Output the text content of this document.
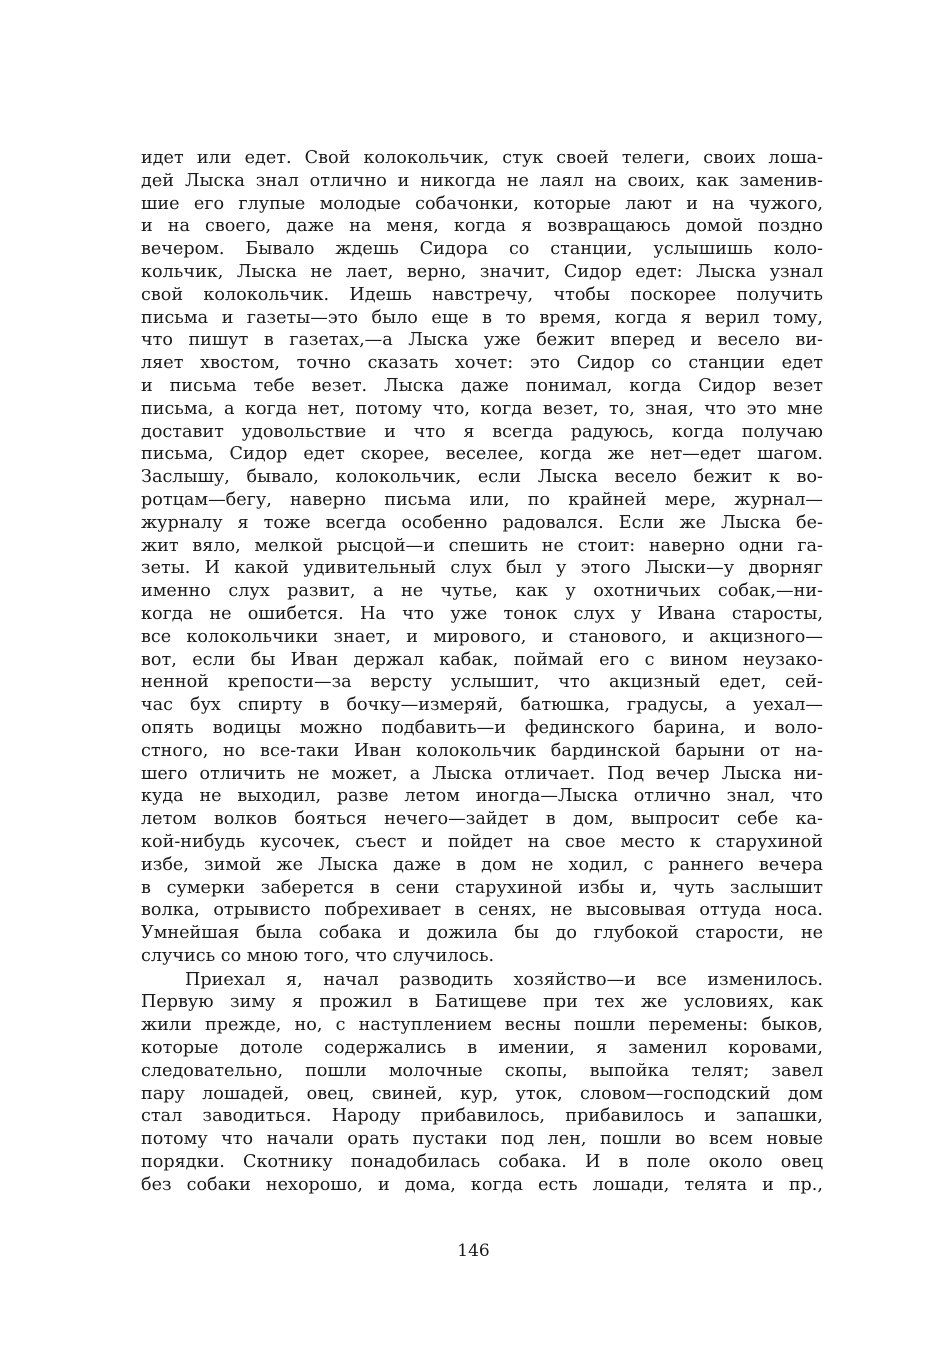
идет или едет. Свой колокольчик, стук своей телеги, своих лоша-
дей Лыска знал отлично и никогда не лаял на своих, как заменив-
шие его глупые молодые собачонки, которые лают и на чужого,
и на своего, даже на меня, когда я возвращаюсь домой поздно
вечером. Бывало ждешь Сидора со станции, услышишь коло-
кольчик, Лыска не лает, верно, значит, Сидор едет: Лыска узнал
свой колокольчик. Идешь навстречу, чтобы поскорее получить
письма и газеты—это было еще в то время, когда я верил тому,
что пишут в газетах,—а Лыска уже бежит вперед и весело ви-
ляет хвостом, точно сказать хочет: это Сидор со станции едет
и письма тебе везет. Лыска даже понимал, когда Сидор везет
письма, а когда нет, потому что, когда везет, то, зная, что это мне
доставит удовольствие и что я всегда радуюсь, когда получаю
письма, Сидор едет скорее, веселее, когда же нет—едет шагом.
Заслышу, бывало, колокольчик, если Лыска весело бежит к во-
ротцам—бегу, наверно письма или, по крайней мере, журнал—
журналу я тоже всегда особенно радовался. Если же Лыска бе-
жит вяло, мелкой рысцой—и спешить не стоит: наверно одни га-
зеты. И какой удивительный слух был у этого Лыски—у дворняг
именно слух развит, а не чутье, как у охотничьих собак,—ни-
когда не ошибется. На что уже тонок слух у Ивана старосты,
все колокольчики знает, и мирового, и станового, и акцизного—
вот, если бы Иван держал кабак, поймай его с вином неузако-
ненной крепости—за версту услышит, что акцизный едет, сей-
час бух спирту в бочку—измеряй, батюшка, градусы, а уехал—
опять водицы можно подбавить—и фединского барина, и воло-
стного, но все-таки Иван колокольчик бардинской барыни от на-
шего отличить не может, а Лыска отличает. Под вечер Лыска ни-
куда не выходил, разве летом иногда—Лыска отлично знал, что
летом волков бояться нечего—зайдет в дом, выпросит себе ка-
кой-нибудь кусочек, съест и пойдет на свое место к старухиной
избе, зимой же Лыска даже в дом не ходил, с раннего вечера
в сумерки заберется в сени старухиной избы и, чуть заслышит
волка, отрывисто побрехивает в сенях, не высовывая оттуда носа.
Умнейшая была собака и дожила бы до глубокой старости, не
случись со мною того, что случилось.
Приехал я, начал разводить хозяйство—и все изменилось.
Первую зиму я прожил в Батищеве при тех же условиях, как
жили прежде, но, с наступлением весны пошли перемены: быков,
которые дотоле содержались в имении, я заменил коровами,
следовательно, пошли молочные скопы, выпойка телят; завел
пару лошадей, овец, свиней, кур, уток, словом—господский дом
стал заводиться. Народу прибавилось, прибавилось и запашки,
потому что начали орать пустаки под лен, пошли во всем новые
порядки. Скотнику понадобилась собака. И в поле около овец
без собаки нехорошо, и дома, когда есть лошади, телята и пр.,
146
